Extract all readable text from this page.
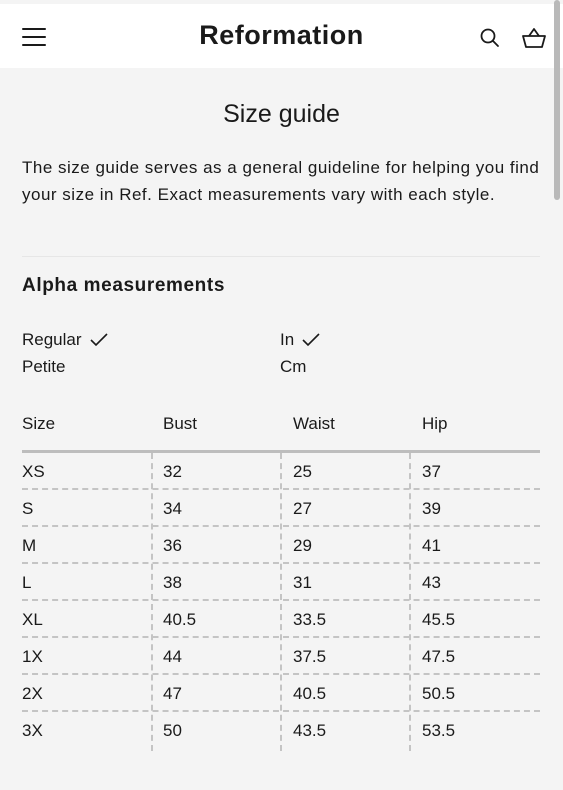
Reformation
Size guide

The size guide serves as a general guideline for helping you find your size in Ref. Exact measurements vary with each style.

Alpha measurements
Regular
Petite
In
Cm
Size	Bust	Waist	Hip
XS	32	25	37
S	34	27	39
M	36	29	41
L	38	31	43
XL	40.5	33.5	45.5
1X	44	37.5	47.5
2X	47	40.5	50.5
3X	50	43.5	53.5
